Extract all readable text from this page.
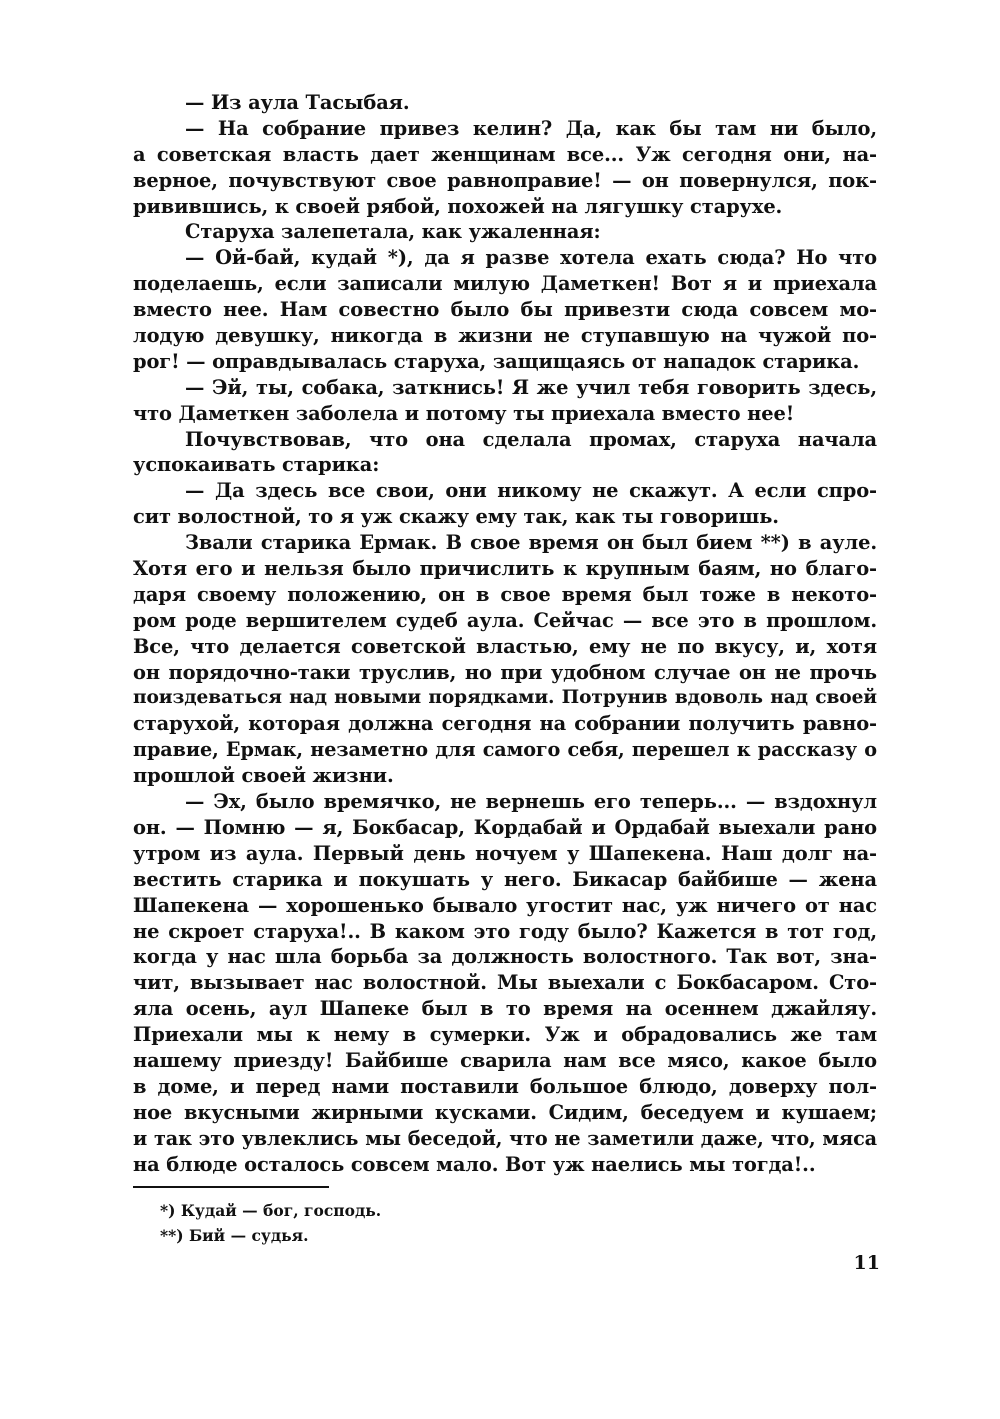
— Из аула Тасыбая.
— На собрание привез келин? Да, как бы там ни было,
а советская власть дает женщинам все... Уж сегодня они, на-
верное, почувствуют свое равноправие! — он повернулся, пок-
ривившись, к своей рябой, похожей на лягушку старухе.
Старуха залепетала, как ужаленная:
— Ой-бай, кудай *), да я разве хотела ехать сюда? Но что
поделаешь, если записали милую Даметкен! Вот я и приехала
вместо нее. Нам совестно было бы привезти сюда совсем мо-
лодую девушку, никогда в жизни не ступавшую на чужой по-
рог! — оправдывалась старуха, защищаясь от нападок старика.
— Эй, ты, собака, заткнись! Я же учил тебя говорить здесь,
что Даметкен заболела и потому ты приехала вместо нее!
Почувствовав, что она сделала промах, старуха начала
успокаивать старика:
— Да здесь все свои, они никому не скажут. А если спро-
сит волостной, то я уж скажу ему так, как ты говоришь.
Звали старика Ермак. В свое время он был бием **) в ауле.
Хотя его и нельзя было причислить к крупным баям, но благо-
даря своему положению, он в свое время был тоже в некото-
ром роде вершителем судеб аула. Сейчас — все это в прошлом.
Все, что делается советской властью, ему не по вкусу, и, хотя
он порядочно-таки труслив, но при удобном случае он не прочь
поиздеваться над новыми порядками. Потрунив вдоволь над своей
старухой, которая должна сегодня на собрании получить равно-
правие, Ермак, незаметно для самого себя, перешел к рассказу о
прошлой своей жизни.
— Эх, было времячко, не вернешь его теперь... — вздохнул
он. — Помню — я, Бокбасар, Кордабай и Ордабай выехали рано
утром из аула. Первый день ночуем у Шапекена. Наш долг на-
вестить старика и покушать у него. Бикасар байбише — жена
Шапекена — хорошенько бывало угостит нас, уж ничего от нас
не скроет старуха!.. В каком это году было? Кажется в тот год,
когда у нас шла борьба за должность волостного. Так вот, зна-
чит, вызывает нас волостной. Мы выехали с Бокбасаром. Сто-
яла осень, аул Шапеке был в то время на осеннем джайляу.
Приехали мы к нему в сумерки. Уж и обрадовались же там
нашему приезду! Байбише сварила нам все мясо, какое было
в доме, и перед нами поставили большое блюдо, доверху пол-
ное вкусными жирными кусками. Сидим, беседуем и кушаем;
и так это увлеклись мы беседой, что не заметили даже, что, мяса
на блюде осталось совсем мало. Вот уж наелись мы тогда!..
*) Кудай — бог, господь.
**) Бий — судья.
11
